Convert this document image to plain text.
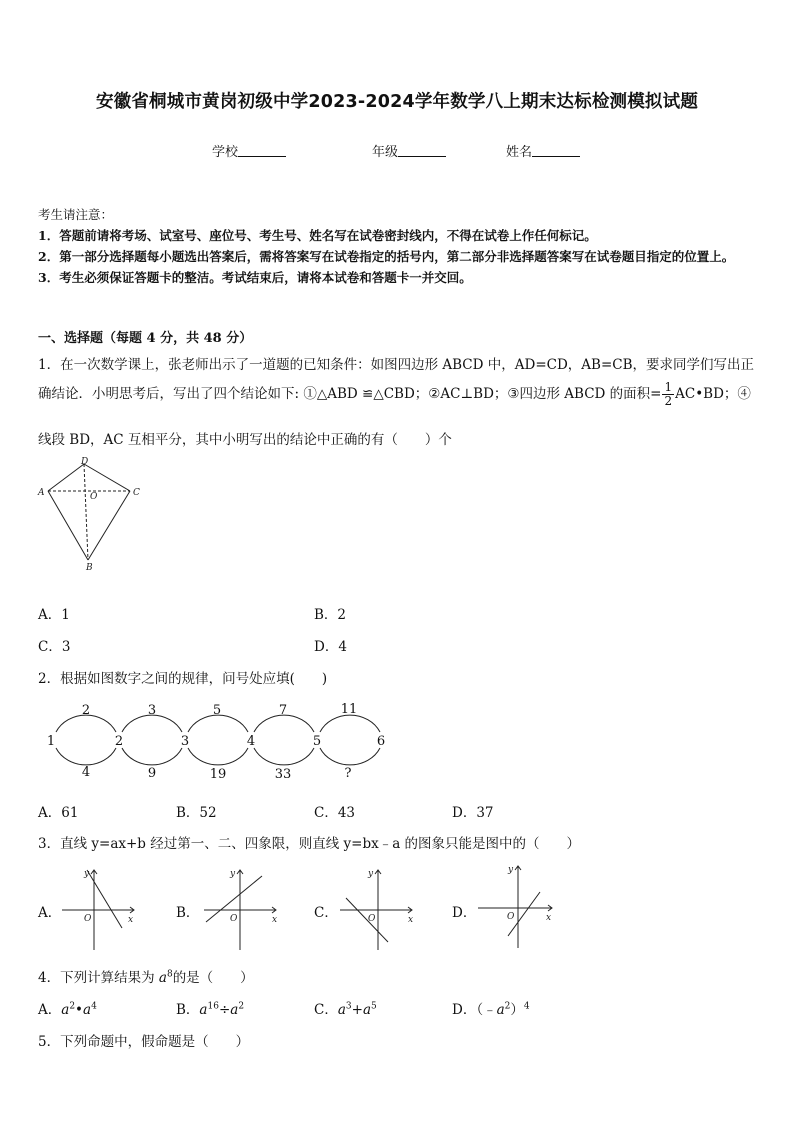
安徽省桐城市黄岗初级中学2023-2024学年数学八上期末达标检测模拟试题
学校	年级	姓名
考生请注意：
1．答题前请将考场、试室号、座位号、考生号、姓名写在试卷密封线内，不得在试卷上作任何标记。
2．第一部分选择题每小题选出答案后，需将答案写在试卷指定的括号内，第二部分非选择题答案写在试卷题目指定的位置上。
3．考生必须保证答题卡的整洁。考试结束后，请将本试卷和答题卡一并交回。
一、选择题（每题 4 分，共 48 分）
1．在一次数学课上，张老师出示了一道题的已知条件：如图四边形 ABCD 中，AD=CD，AB=CB，要求同学们写出正
确结论．小明思考后，写出了四个结论如下: ①△ABD ≌△CBD；②AC⊥BD；③四边形 ABCD 的面积= $\frac{1}{2}$ AC•BD；④
线段 BD，AC 互相平分，其中小明写出的结论中正确的有（　　）个
A	C
D
B
O
A．1	B．2
C．3	D．4
2．根据如图数字之间的规律，问号处应填(　　)
1	2	3	4	5	6
2	3	5	7	11
4	9	19	33	?
A．61	B．52	C．43	D．37
3．直线 y=ax+b 经过第一、二、四象限，则直线 y=bx﹣a 的图象只能是图中的（　　）
A．
y
x
O	B．
y
x
O	C．
y
x
O	D．
y
x
O
4．下列计算结果为 $a^8$的是（　　）
A．$a^2•a^4$	B．$a^{16}\div a^2$	C．$a^3+a^5$	D．$(﹣a^2)^4$
5．下列命题中，假命题是（　　）
